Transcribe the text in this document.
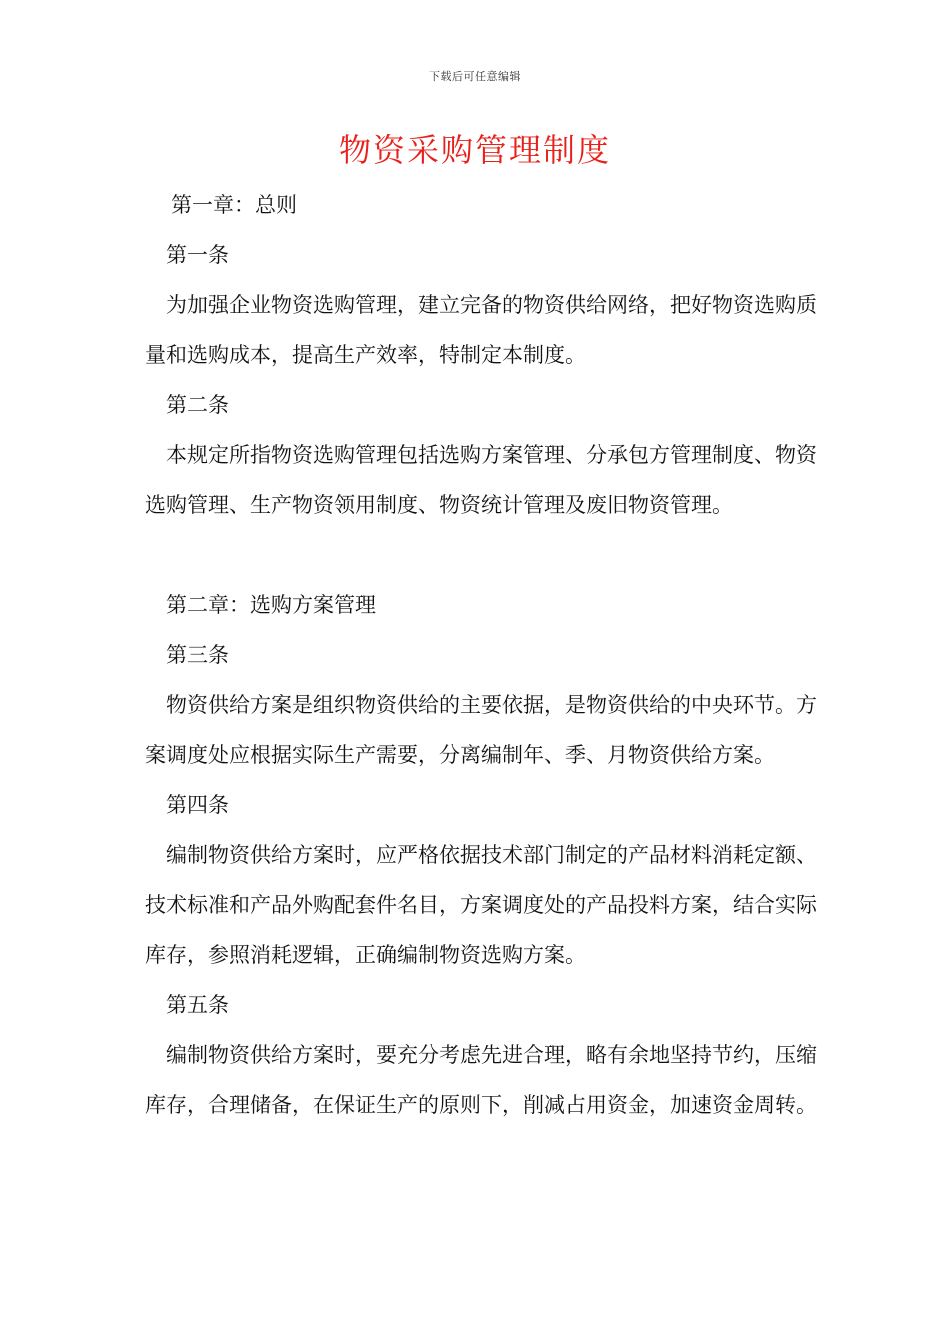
下载后可任意编辑
物资采购管理制度

第一章：总则

第一条

为加强企业物资选购管理，建立完备的物资供给网络，把好物资选购质量和选购成本，提高生产效率，特制定本制度。

第二条

本规定所指物资选购管理包括选购方案管理、分承包方管理制度、物资选购管理、生产物资领用制度、物资统计管理及废旧物资管理。

第二章：选购方案管理

第三条

物资供给方案是组织物资供给的主要依据，是物资供给的中央环节。方案调度处应根据实际生产需要，分离编制年、季、月物资供给方案。

第四条

编制物资供给方案时，应严格依据技术部门制定的产品材料消耗定额、技术标准和产品外购配套件名目，方案调度处的产品投料方案，结合实际库存，参照消耗逻辑，正确编制物资选购方案。

第五条

编制物资供给方案时，要充分考虑先进合理，略有余地坚持节约，压缩库存，合理储备，在保证生产的原则下，削减占用资金，加速资金周转。
